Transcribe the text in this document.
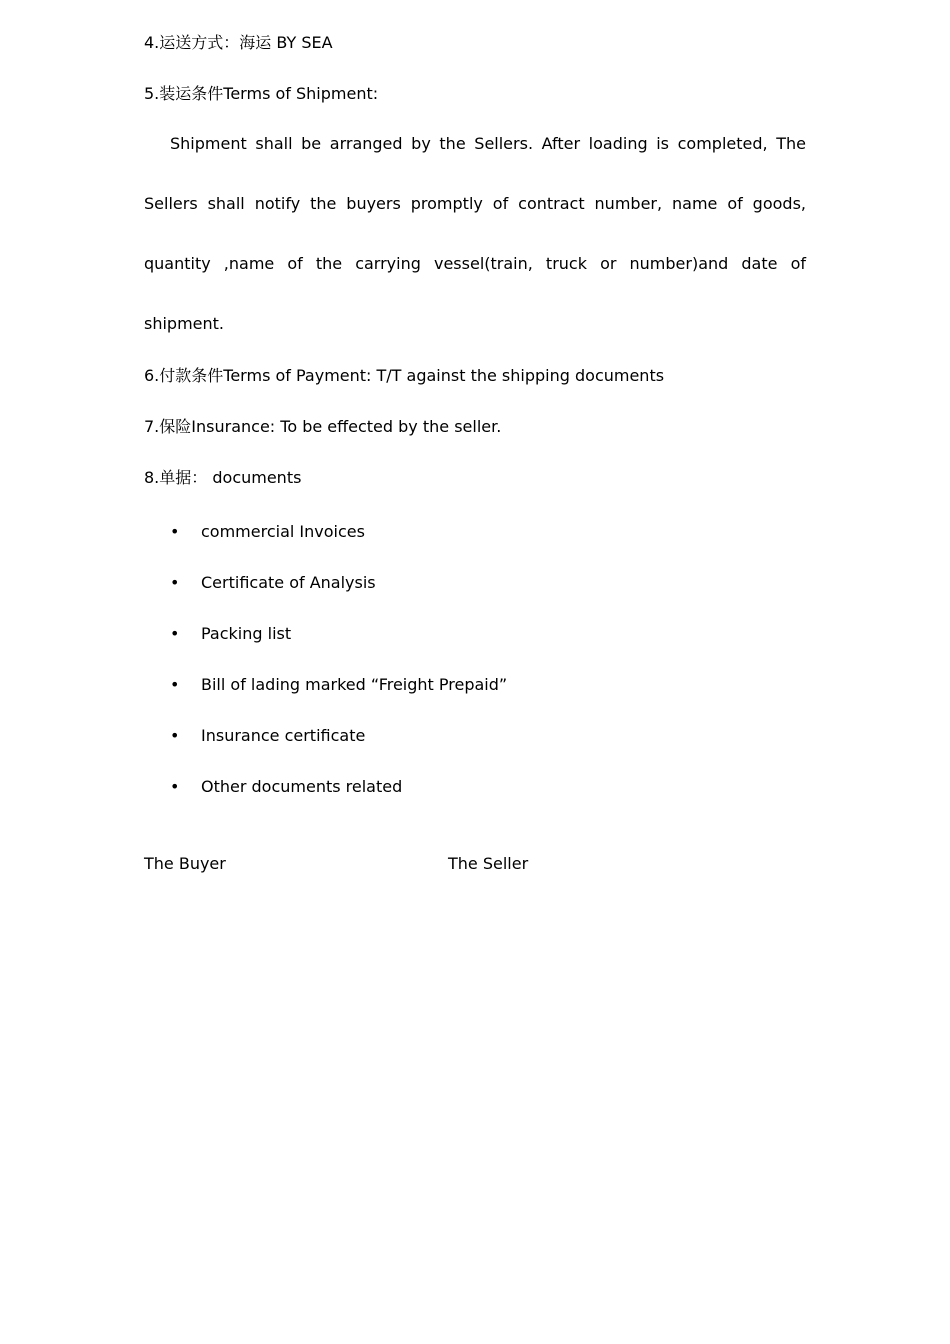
4.运送方式：海运 BY SEA
5.装运条件Terms of Shipment:
Shipment shall be arranged by the Sellers. After loading is completed, The
Sellers shall notify the buyers promptly of contract number, name of goods,
quantity ,name of the carrying vessel(train, truck or number)and date of
shipment.
6.付款条件Terms of Payment: T/T against the shipping documents
7.保险Insurance: To be effected by the seller.
8.单据： documents
• commercial Invoices
• Certificate of Analysis
• Packing list
• Bill of lading marked “Freight Prepaid”
• Insurance certificate
• Other documents related
The Buyer	The Seller
